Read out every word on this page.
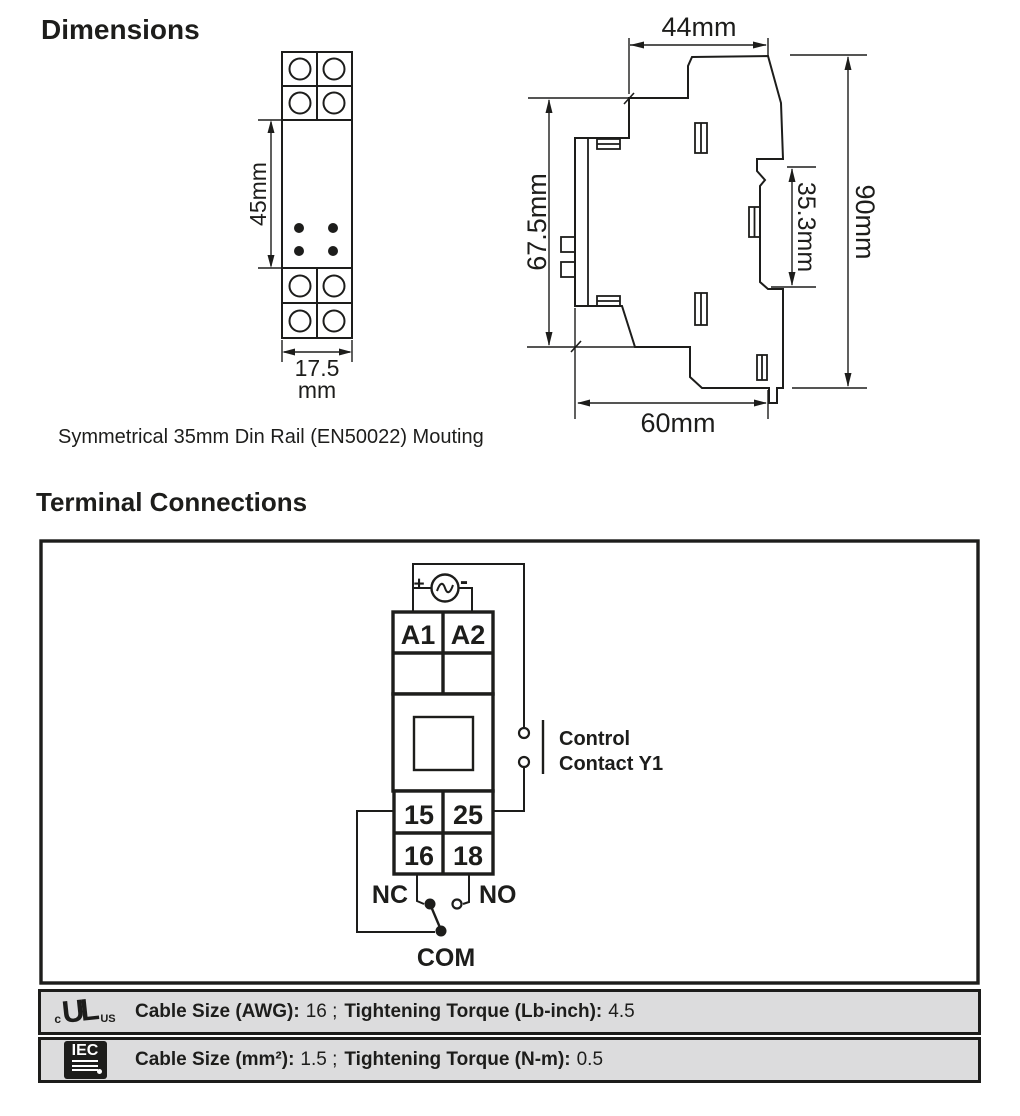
Dimensions
Symmetrical 35mm Din Rail (EN50022) Mouting
Terminal Connections
45mm
17.5
mm
44mm
67.5mm	35.3mm 90mm
60mm
+ -
A1 A2
15 25
16 18
NC	NO
COM
Control
Contact Y1
c UL US Cable Size (AWG): 16 ; Tightening Torque (Lb-inch): 4.5
IEC Cable Size (mm²): 1.5 ; Tightening Torque (N-m): 0.5
